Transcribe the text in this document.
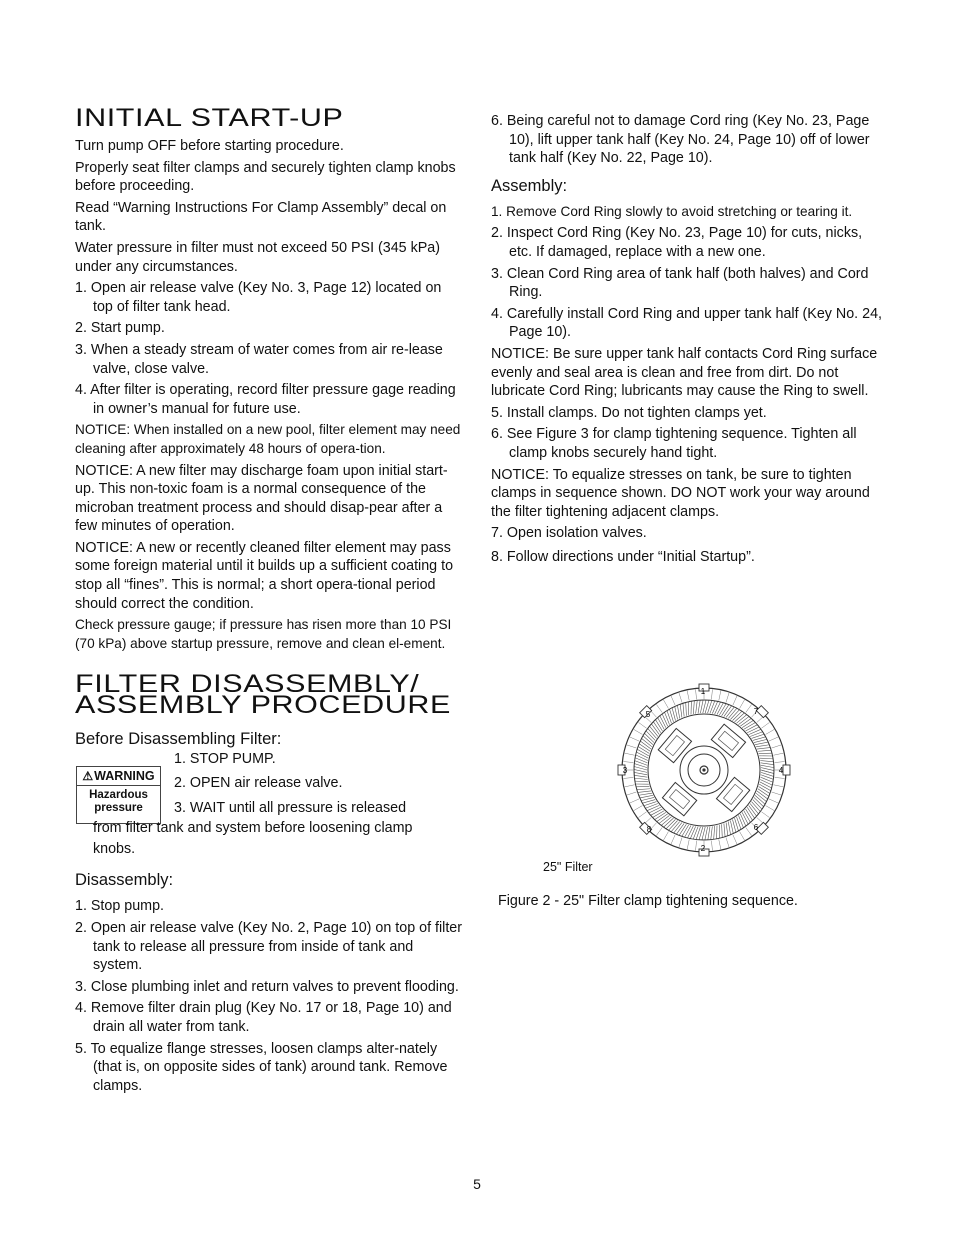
INITIAL START-UP

Turn pump OFF before starting procedure.

Properly seat filter clamps and securely tighten clamp knobs before proceeding.

Read “Warning Instructions For Clamp Assembly” decal on tank.

Water pressure in filter must not exceed 50 PSI (345 kPa) under any circumstances.

1. Open air release valve (Key No. 3, Page 12) located on top of filter tank head.

2. Start pump.

3. When a steady stream of water comes from air re-lease valve, close valve.

4. After filter is operating, record filter pressure gage reading in owner’s manual for future use.

NOTICE: When installed on a new pool, filter element may need cleaning after approximately 48 hours of opera-tion.

NOTICE: A new filter may discharge foam upon initial start-up. This non-toxic foam is a normal consequence of the microban treatment process and should disap-pear after a few minutes of operation.

NOTICE: A new or recently cleaned filter element may pass some foreign material until it builds up a sufficient coating to stop all “fines”. This is normal; a short opera-tional period should correct the condition.

Check pressure gauge; if pressure has risen more than 10 PSI (70 kPa) above startup pressure, remove and clean el-ement.

FILTER DISASSEMBLY/
ASSEMBLY PROCEDURE
Before Disassembling Filter:
⚠ WARNING
Hazardous
pressure
1. STOP PUMP.
2. OPEN air release valve.
3. WAIT until all pressure is released
from filter tank and system before loosening clamp
knobs.
Disassembly:

1. Stop pump.

2. Open air release valve (Key No. 2, Page 10) on top of filter tank to release all pressure from inside of tank and system.

3. Close plumbing inlet and return valves to prevent flooding.

4. Remove filter drain plug (Key No. 17 or 18, Page 10) and drain all water from tank.

5. To equalize flange stresses, loosen clamps alter-nately (that is, on opposite sides of tank) around tank. Remove clamps.

6. Being careful not to damage Cord ring (Key No. 23, Page 10), lift upper tank half (Key No. 24, Page 10) off of lower tank half (Key No. 22, Page 10).

Assembly:

1. Remove Cord Ring slowly to avoid stretching or tearing it.

2. Inspect Cord Ring (Key No. 23, Page 10) for cuts, nicks, etc. If damaged, replace with a new one.

3. Clean Cord Ring area of tank half (both halves) and Cord Ring.

4. Carefully install Cord Ring and upper tank half (Key No. 24, Page 10).

NOTICE: Be sure upper tank half contacts Cord Ring surface evenly and seal area is clean and free from dirt. Do not lubricate Cord Ring; lubricants may cause the Ring to swell.

5. Install clamps. Do not tighten clamps yet.

6. See Figure 3 for clamp tightening sequence. Tighten all clamp knobs securely hand tight.

NOTICE: To equalize stresses on tank, be sure to tighten clamps in sequence shown. DO NOT work your way around the filter tightening adjacent clamps.

7. Open isolation valves.

8. Follow directions under “Initial Startup”.

1
2
3	4
5
6
7
8
25" Filter
Figure 2 - 25" Filter clamp tightening sequence.
5
